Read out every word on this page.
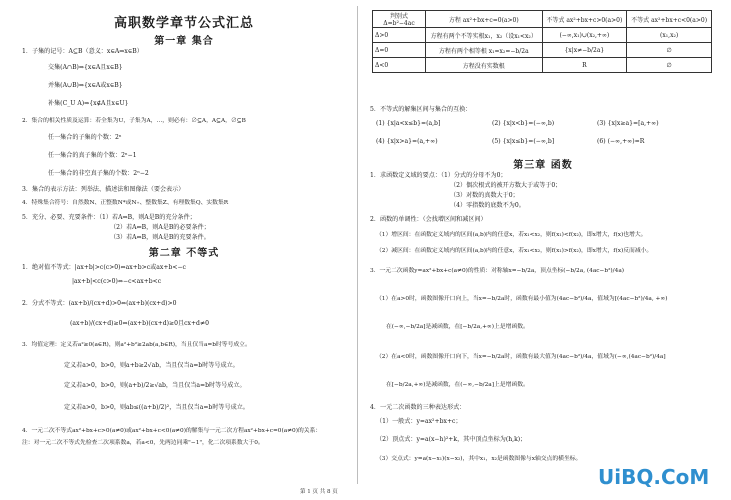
高职数学章节公式汇总
第一章 集合
1．子集的记号：A⊆B（意义：x∈A⇒x∈B）
交集(A∩B)⇒{x∈A且x∈B}
并集(A∪B)⇒{x∈A或x∈B}
补集(C_U A)⇒{x∉A且x∈U}
2．集合的相关性质及运算：若全集为U，子集为A，…，则必有：∅⊆A，A⊆A，∅⊆B
任一集合的子集的个数：2ⁿ
任一集合的真子集的个数：2ⁿ−1
任一集合的非空真子集的个数：2ⁿ−2
3．集合的表示方法：列举法、描述法和图像法（要会表示）
4．特殊集合符号：自然数N、正整数N*或N₊、整数集Z、有理数集Q、实数集R
5．充分、必要、充要条件：（1）若A⇒B，则A是B的充分条件；
（2）若A⇐B，则A是B的必要条件；
（3）若A⇔B，则A是B的充要条件。
第二章 不等式
1．绝对值不等式：|ax+b|>c(c>0)⇔ax+b>c或ax+b<−c
|ax+b|<c(c>0)⇔−c<ax+b<c
2．分式不等式：(ax+b)/(cx+d)>0⇔(ax+b)(cx+d)>0
(ax+b)/(cx+d)≥0⇔(ax+b)(cx+d)≥0且cx+d≠0
3．均值定理：定义若a²≥0(a∈R)，则a²+b²≥2ab(a,b∈R)，当且仅当a=b时等号成立。
定义若a>0，b>0，则a+b≥2√ab，当且仅当a=b时等号成立。
定义若a>0，b>0，则(a+b)/2≥√ab，当且仅当a=b时等号成立。
定义若a>0，b>0，则ab≤((a+b)/2)²，当且仅当a=b时等号成立。
4．一元二次不等式ax²+bx+c>0(a≠0)或ax²+bx+c<0(a≠0)的解集与一元二次方程ax²+bx+c=0(a≠0)的关系：
注：对一元二次不等式先检查二次项系数a，若a<0，先两边同乘"−1"，化二次项系数大于0。
判别式 Δ=b²−4ac	方程 ax²+bx+c=0(a>0)	不等式 ax²+bx+c>0(a>0)	不等式 ax²+bx+c<0(a>0)
Δ>0	方程有两个不等实根x₁，x₂（设x₁<x₂）	(−∞,x₁)∪(x₂,+∞)	(x₁,x₂)
Δ=0	方程有两个相等根 x₁=x₂=−b/2a	{x|x≠−b/2a}	∅
Δ<0	方程没有实数根	R	∅
5．不等式的解集区间与集合的互换：
(1) {x|a<x≤b}=(a,b]	(2) {x|x<b}=(−∞,b)	(3) {x|x≥a}=[a,+∞)
(4) {x|x>a}=(a,+∞)	(5) {x|x≤b}=(−∞,b]	(6) (−∞,+∞)=R
第三章 函数
1．求函数定义域的要点：（1）分式的分母不为0；
（2）偶次根式的被开方数大于或等于0；
（3）对数的真数大于0；
（4）零指数的底数不为0。
2．函数的单调性：（会找增区间和减区间）
（1）增区间：在函数定义域内的区间(a,b)内的任意x，若x₁<x₂，则f(x₁)<f(x₂)，即x增大，f(x)也增大。
（2）减区间：在函数定义域内的区间(a,b)内的任意x，若x₁<x₂，则f(x₁)>f(x₂)，即x增大，f(x)反而减小。
3．一元二次函数y=ax²+bx+c(a≠0)的性质：对称轴x=−b/2a，顶点坐标(−b/2a, (4ac−b²)/4a)
（1）在a>0时，函数图像开口向上，当x=−b/2a时，函数有最小值为(4ac−b²)/4a，值域为[(4ac−b²)/4a, +∞)
在(−∞,−b/2a]是减函数，在[−b/2a,+∞)上是增函数。
（2）在a<0时，函数图像开口向下，当x=−b/2a时，函数有最大值为(4ac−b²)/4a，值域为(−∞,(4ac−b²)/4a]
在[−b/2a,+∞)是减函数，在(−∞,−b/2a]上是增函数。
4．一元二次函数的三种表达形式：
（1）一般式：y=ax²+bx+c；
（2）顶点式：y=a(x−h)²+k，其中顶点坐标为(h,k)；
（3）交点式：y=a(x−x₁)(x−x₂)，其中x₁，x₂是函数图像与x轴交点的横坐标。
第 1 页 共 8 页
UiBQ.CoM
